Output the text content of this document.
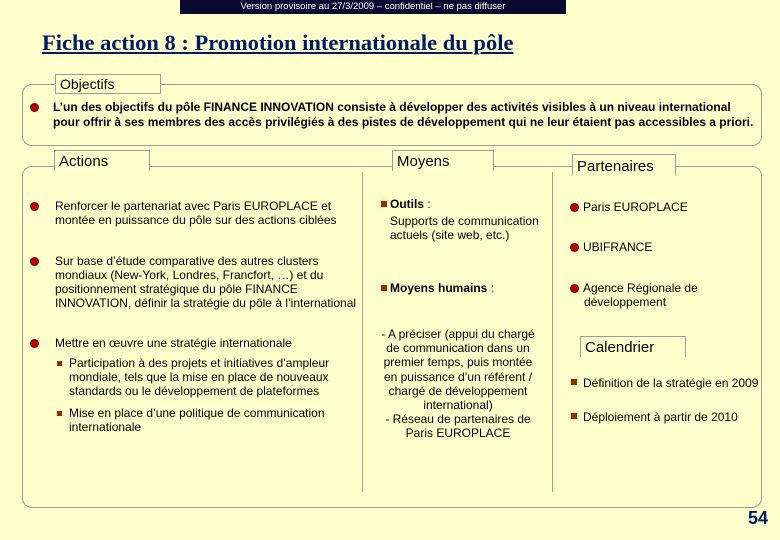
Version provisoire au 27/3/2009 – confidentiel – ne pas diffuser
Fiche action 8 : Promotion internationale du pôle
Objectifs
L’un des objectifs du pôle FINANCE INNOVATION consiste à développer des activités visibles à un niveau international
pour offrir à ses membres des accès privilégiés à des pistes de développement qui ne leur étaient pas accessibles a priori.
Actions	Moyens	Partenaires
Renforcer le partenariat avec Paris EUROPLACE et
montée en puissance du pôle sur des actions ciblées
Sur base d’étude comparative des autres clusters
mondiaux (New-York, Londres, Francfort, …) et du
positionnement stratégique du pôle FINANCE
INNOVATION, définir la stratégie du pôle à l’international
Mettre en œuvre une stratégie internationale
Participation à des projets et initiatives d’ampleur
mondiale, tels que la mise en place de nouveaux
standards ou le développement de plateformes
Mise en place d’une politique de communication
internationale
Outils :
Supports de communication
actuels (site web, etc.)
Moyens humains :
- A préciser (appui du chargé
de communication dans un
premier temps, puis montée
en puissance d’un référent /
chargé de développement
international)
- Réseau de partenaires de
Paris EUROPLACE
Paris EUROPLACE
UBIFRANCE
Agence Régionale de
développement
Calendrier
Définition de la stratégie en 2009
Déploiement à partir de 2010
54
